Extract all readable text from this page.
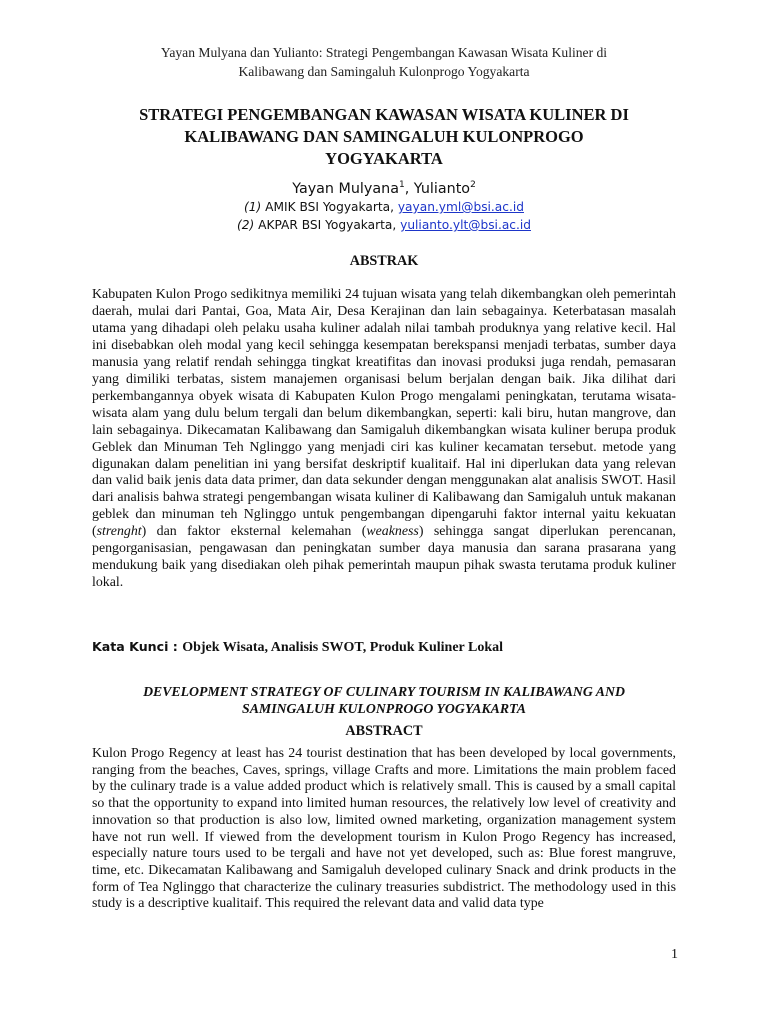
Yayan Mulyana dan Yulianto: Strategi Pengembangan Kawasan Wisata Kuliner di
Kalibawang dan Samingaluh Kulonprogo Yogyakarta
STRATEGI PENGEMBANGAN KAWASAN WISATA KULINER DI
KALIBAWANG DAN SAMINGALUH KULONPROGO
YOGYAKARTA
Yayan Mulyana$^1$, Yulianto$^2$
(1) AMIK BSI Yogyakarta, yayan.yml@bsi.ac.id
(2) AKPAR BSI Yogyakarta, yulianto.ylt@bsi.ac.id
ABSTRAK

Kabupaten Kulon Progo sedikitnya memiliki 24 tujuan wisata yang telah dikembangkan oleh pemerintah daerah, mulai dari Pantai, Goa, Mata Air, Desa Kerajinan dan lain sebagainya. Keterbatasan masalah utama yang dihadapi oleh pelaku usaha kuliner adalah nilai tambah produknya yang relative kecil. Hal ini disebabkan oleh modal yang kecil sehingga kesempatan berekspansi menjadi terbatas, sumber daya manusia yang relatif rendah sehingga tingkat kreatifitas dan inovasi produksi juga rendah, pemasaran yang dimiliki terbatas, sistem manajemen organisasi belum berjalan dengan baik. Jika dilihat dari perkembangannya obyek wisata di Kabupaten Kulon Progo mengalami peningkatan, terutama wisata-wisata alam yang dulu belum tergali dan belum dikembangkan, seperti: kali biru, hutan mangrove, dan lain sebagainya. Dikecamatan Kalibawang dan Samigaluh dikembangkan wisata kuliner berupa produk Geblek dan Minuman Teh Nglinggo yang menjadi ciri kas kuliner kecamatan tersebut. metode yang digunakan dalam penelitian ini yang bersifat deskriptif kualitaif. Hal ini diperlukan data yang relevan dan valid baik jenis data data primer, dan data sekunder dengan menggunakan alat analisis SWOT. Hasil dari analisis bahwa strategi pengembangan wisata kuliner di Kalibawang dan Samigaluh untuk makanan geblek dan minuman teh Nglinggo untuk pengembangan dipengaruhi faktor internal yaitu kekuatan (strenght) dan faktor eksternal kelemahan (weakness) sehingga sangat diperlukan perencanan, pengorganisasian, pengawasan dan peningkatan sumber daya manusia dan sarana prasarana yang mendukung baik yang disediakan oleh pihak pemerintah maupun pihak swasta terutama produk kuliner lokal.

Kata Kunci : Objek Wisata, Analisis SWOT, Produk Kuliner Lokal
DEVELOPMENT STRATEGY OF CULINARY TOURISM IN KALIBAWANG AND
SAMINGALUH KULONPROGO YOGYAKARTA
ABSTRACT

Kulon Progo Regency at least has 24 tourist destination that has been developed by local governments, ranging from the beaches, Caves, springs, village Crafts and more. Limitations the main problem faced by the culinary trade is a value added product which is relatively small. This is caused by a small capital so that the opportunity to expand into limited human resources, the relatively low level of creativity and innovation so that production is also low, limited owned marketing, organization management system have not run well. If viewed from the development tourism in Kulon Progo Regency has increased, especially nature tours used to be tergali and have not yet developed, such as: Blue forest mangruve, time, etc. Dikecamatan Kalibawang and Samigaluh developed culinary Snack and drink products in the form of Tea Nglinggo that characterize the culinary treasuries subdistrict. The methodology used in this study is a descriptive kualitaif. This required the relevant data and valid data type

1
